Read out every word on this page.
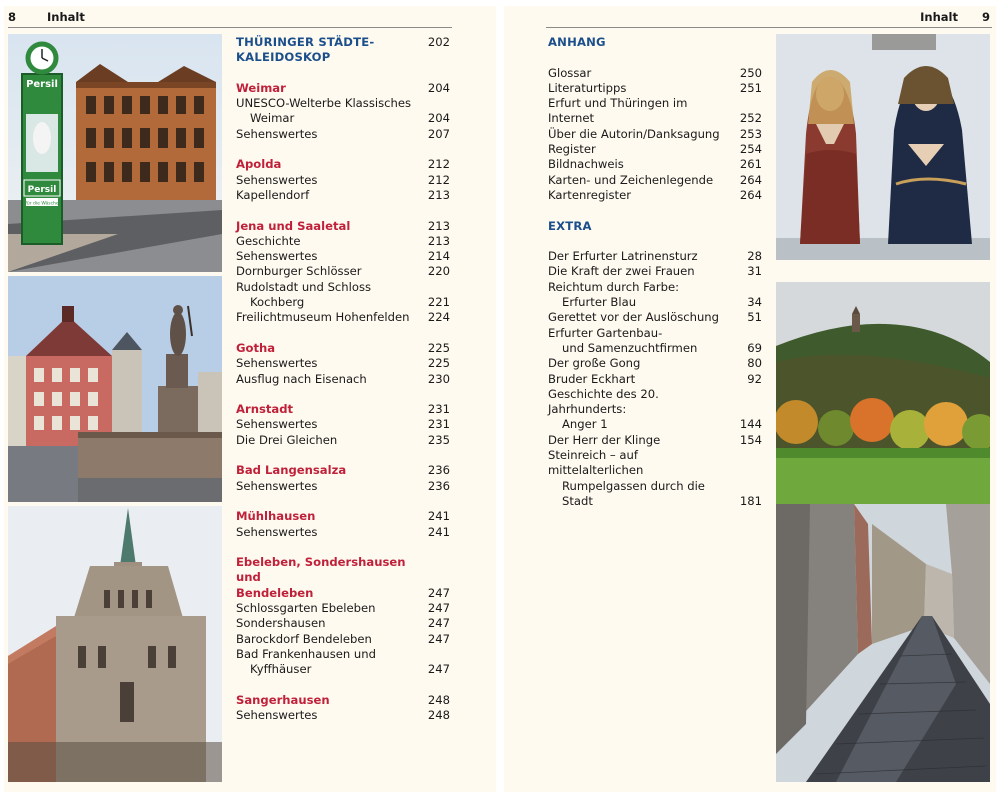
8	Inhalt
Persil
Persil
für die Wäsche
THÜRINGER STÄDTE-
KALEIDOSKOP
202
Weimar	204
UNESCO-Welterbe Klassisches
Weimar	204
Sehenswertes	207
Apolda	212
Sehenswertes	212
Kapellendorf	213
Jena und Saaletal	213
Geschichte	213
Sehenswertes	214
Dornburger Schlösser	220
Rudolstadt und Schloss
Kochberg	221
Freilichtmuseum Hohenfelden	224
Gotha	225
Sehenswertes	225
Ausflug nach Eisenach	230
Arnstadt	231
Sehenswertes	231
Die Drei Gleichen	235
Bad Langensalza	236
Sehenswertes	236
Mühlhausen	241
Sehenswertes	241
Ebeleben, Sondershausen und
Bendeleben	247
Schlossgarten Ebeleben	247
Sondershausen	247
Barockdorf Bendeleben	247
Bad Frankenhausen und
Kyffhäuser	247
Sangerhausen	248
Sehenswertes	248
Inhalt 9
ANHANG
Glossar	250
Literaturtipps	251
Erfurt und Thüringen im Internet	252
Über die Autorin/Danksagung	253
Register	254
Bildnachweis	261
Karten- und Zeichenlegende	264
Kartenregister	264
EXTRA
Der Erfurter Latrinensturz	28
Die Kraft der zwei Frauen	31
Reichtum durch Farbe:
Erfurter Blau	34
Gerettet vor der Auslöschung	51
Erfurter Gartenbau-
und Samenzuchtfirmen	69
Der große Gong	80
Bruder Eckhart	92
Geschichte des 20. Jahrhunderts:
Anger 1	144
Der Herr der Klinge	154
Steinreich – auf mittelalterlichen
Rumpelgassen durch die Stadt	181
